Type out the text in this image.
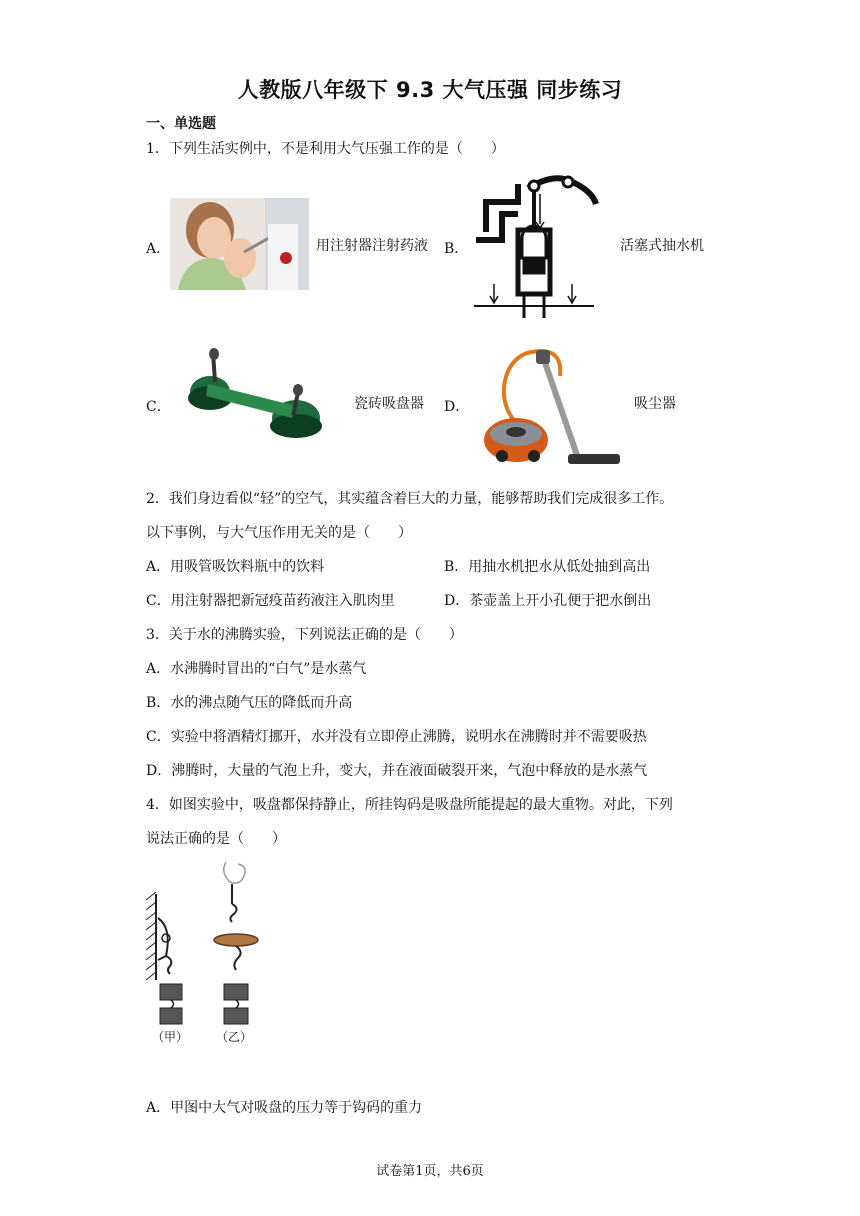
人教版八年级下 9.3 大气压强 同步练习
一、单选题
1．下列生活实例中，不是利用大气压强工作的是（　　）
A．	用注射器注射药液 B．	活塞式抽水机
C．	瓷砖吸盘器 D．	吸尘器
2．我们身边看似“轻”的空气，其实蕴含着巨大的力量，能够帮助我们完成很多工作。
以下事例，与大气压作用无关的是（　　）
A．用吸管吸饮料瓶中的饮料	B．用抽水机把水从低处抽到高出
C．用注射器把新冠疫苗药液注入肌肉里	D．茶壶盖上开小孔便于把水倒出
3．关于水的沸腾实验，下列说法正确的是（　　）
A．水沸腾时冒出的“白气”是水蒸气
B．水的沸点随气压的降低而升高
C．实验中将酒精灯挪开，水并没有立即停止沸腾，说明水在沸腾时并不需要吸热
D．沸腾时，大量的气泡上升，变大，并在液面破裂开来，气泡中释放的是水蒸气
4．如图实验中，吸盘都保持静止，所挂钩码是吸盘所能提起的最大重物。对此，下列
说法正确的是（　　）
（甲） （乙）
A．甲图中大气对吸盘的压力等于钩码的重力
试卷第1页，共6页
